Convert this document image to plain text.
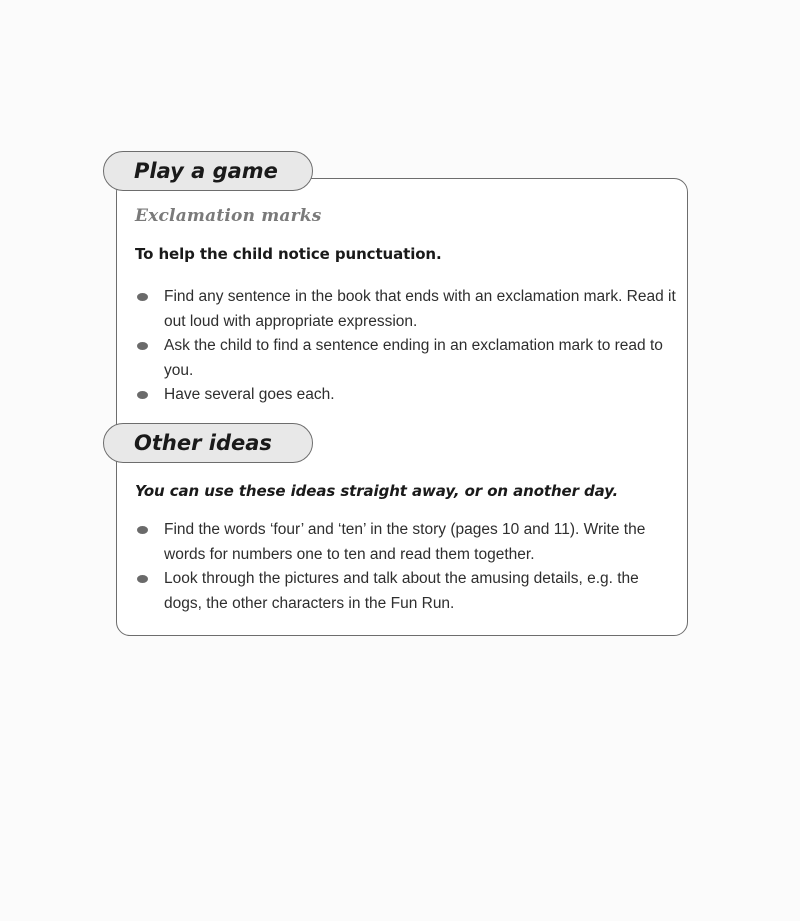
Play a game
Exclamation marks
To help the child notice punctuation.
Find any sentence in the book that ends with an exclamation mark. Read it out loud with appropriate expression.
Ask the child to find a sentence ending in an exclamation mark to read to you.
Have several goes each.
Other ideas
You can use these ideas straight away, or on another day.
Find the words ‘four’ and ‘ten’ in the story (pages 10 and 11). Write the words for numbers one to ten and read them together.
Look through the pictures and talk about the amusing details, e.g. the dogs, the other characters in the Fun Run.
